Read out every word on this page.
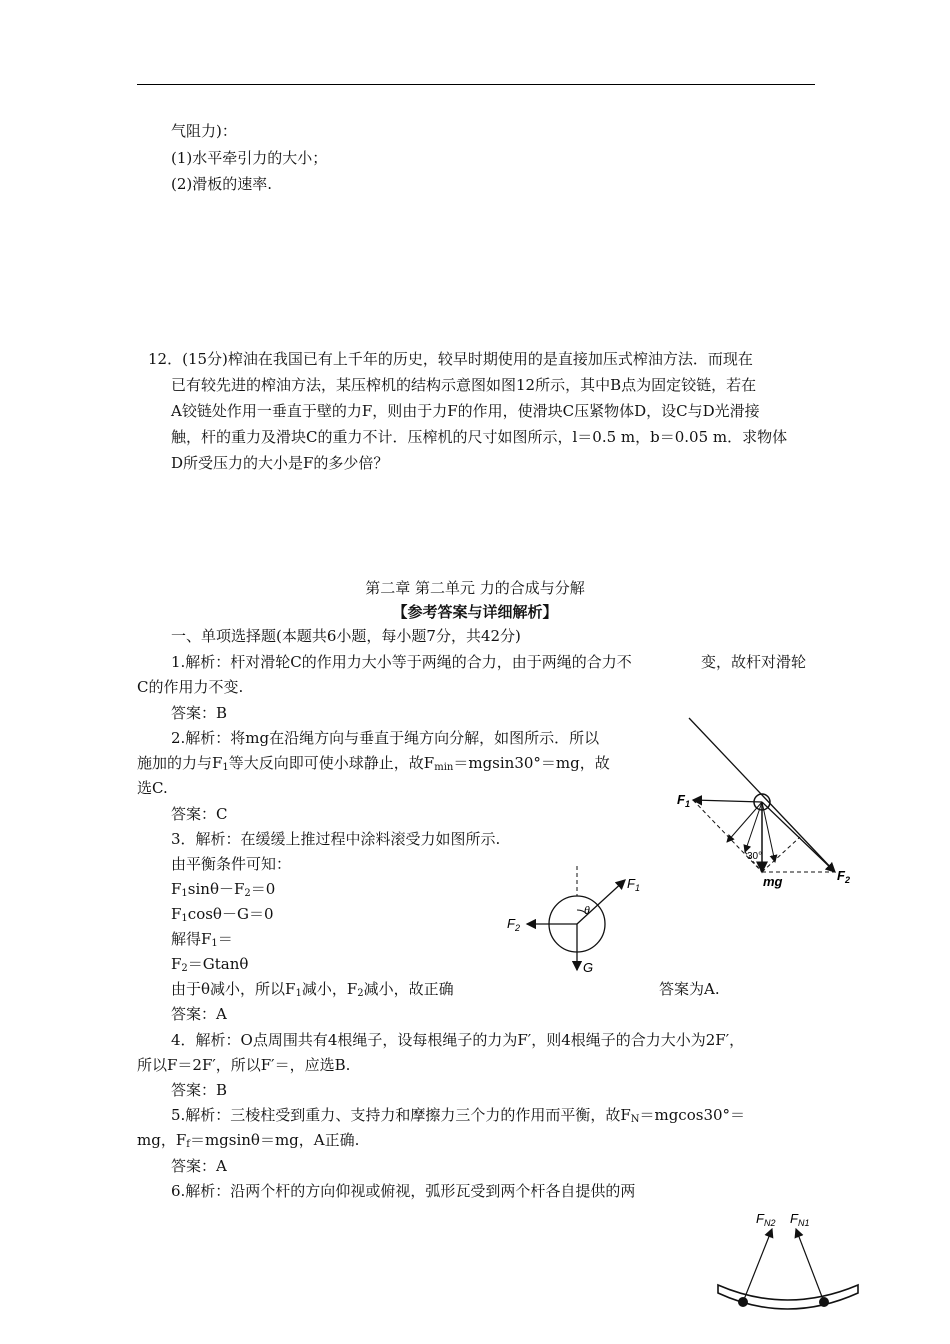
气阻力)：
(1)水平牵引力的大小；
(2)滑板的速率.
12．(15分)榨油在我国已有上千年的历史，较早时期使用的是直接加压式榨油方法．而现在
已有较先进的榨油方法，某压榨机的结构示意图如图12所示，其中B点为固定铰链，若在
A铰链处作用一垂直于壁的力F，则由于力F的作用，使滑块C压紧物体D，设C与D光滑接
触，杆的重力及滑块C的重力不计．压榨机的尺寸如图所示，l＝0.5 m，b＝0.05 m．求物体
D所受压力的大小是F的多少倍？
第二章 第二单元 力的合成与分解
【参考答案与详细解析】
一、单项选择题(本题共6小题，每小题7分，共42分)
1.解析：杆对滑轮C的作用力大小等于两绳的合力，由于两绳的合力不	变，故杆对滑轮
C的作用力不变.
答案：B
2.解析：将mg在沿绳方向与垂直于绳方向分解，如图所示．所以
施加的力与$F_1$等大反向即可使小球静止，故$F_{min}=mgsin30^\circ=mg$，故
选C.
答案：C
3．解析：在缓缓上推过程中涂料滚受力如图所示.
由平衡条件可知：
$F_1\sin\theta-F_2=0$
$F_1\cos\theta-G=0$
解得$F_1=$
$F_2=Gtan\theta$
由于θ减小，所以$F_1$减小，$F_2$减小，故正确	答案为A.
答案：A
4．解析：O点周围共有4根绳子，设每根绳子的力为F′，则4根绳子的合力大小为2F′，
所以F＝2F′，所以F′＝，应选B.
答案：B
5.解析：三棱柱受到重力、支持力和摩擦力三个力的作用而平衡，故$F_N=mgcos30^\circ=$
mg，$F_f=mgsin\theta=mg$，A正确.
答案：A
6.解析：沿两个杆的方向仰视或俯视，弧形瓦受到两个杆各自提供的两
$F_1$
$F_2$
30°
mg
θ
$F_1$
$F_2$
G
$F_{N2}$ $F_{N1}$
